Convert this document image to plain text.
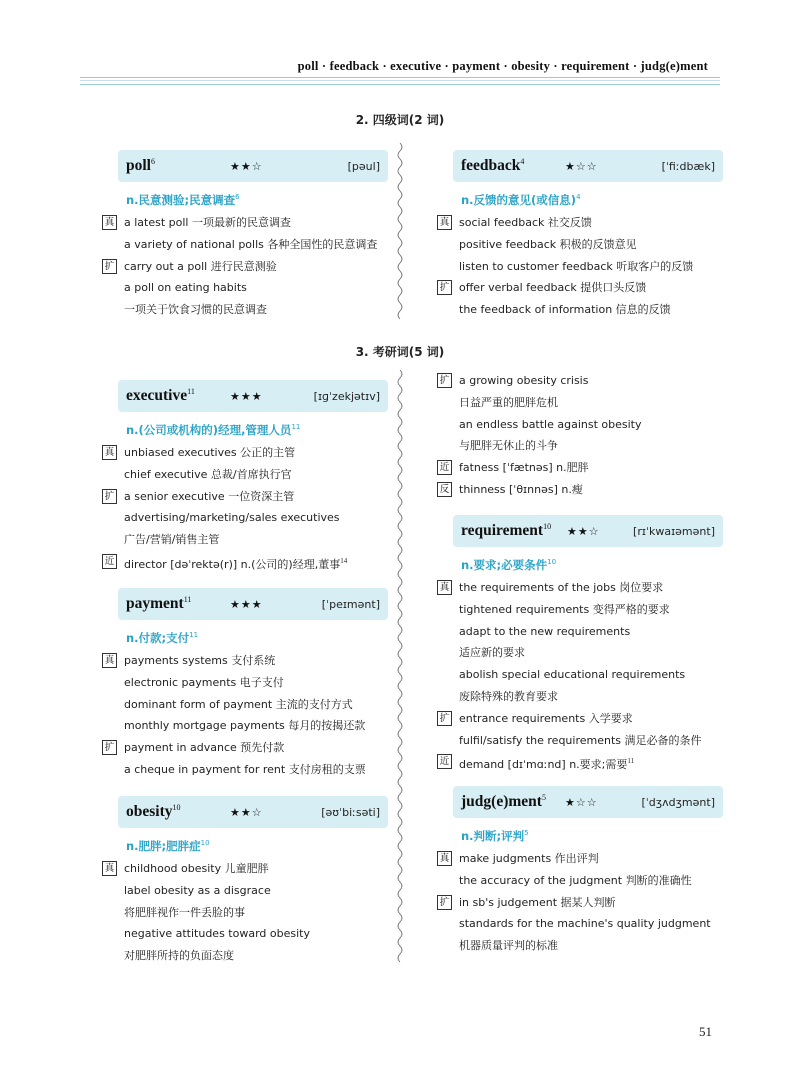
poll · feedback · executive · payment · obesity · requirement · judg(e)ment
2. 四级词(2 词)
3. 考研词(5 词)
poll$^6$	★★☆	[pəul]
n.民意测验;民意调查$^6$
真 a latest poll 一项最新的民意调查
a variety of national polls 各种全国性的民意调查
扩 carry out a poll 进行民意测验
a poll on eating habits
一项关于饮食习惯的民意调查
feedback$^4$	★☆☆	[ˈfiːdbæk]
n.反馈的意见(或信息)$^4$
真 social feedback 社交反馈
positive feedback 积极的反馈意见
listen to customer feedback 听取客户的反馈
扩 offer verbal feedback 提供口头反馈
the feedback of information 信息的反馈
executive$^{11}$	★★★	[ɪɡˈzekjətɪv]
n.(公司或机构的)经理,管理人员$^{11}$
真 unbiased executives 公正的主管
chief executive 总裁/首席执行官
扩 a senior executive 一位资深主管
advertising/marketing/sales executives
广告/营销/销售主管
近 director [dəˈrektə(r)] n.(公司的)经理,董事$^{14}$
payment$^{11}$	★★★	[ˈpeɪmənt]
n.付款;支付$^{11}$
真 payments systems 支付系统
electronic payments 电子支付
dominant form of payment 主流的支付方式
monthly mortgage payments 每月的按揭还款
扩 payment in advance 预先付款
a cheque in payment for rent 支付房租的支票
obesity$^{10}$	★★☆	[əʊˈbiːsəti]
n.肥胖;肥胖症$^{10}$
真 childhood obesity 儿童肥胖
label obesity as a disgrace
将肥胖视作一件丢脸的事
negative attitudes toward obesity
对肥胖所持的负面态度
扩 a growing obesity crisis
日益严重的肥胖危机
an endless battle against obesity
与肥胖无休止的斗争
近 fatness [ˈfætnəs] n.肥胖
反 thinness [ˈθɪnnəs] n.瘦
requirement$^{10}$ ★★☆	[rɪˈkwaɪəmənt]
n.要求;必要条件$^{10}$
真 the requirements of the jobs 岗位要求
tightened requirements 变得严格的要求
adapt to the new requirements
适应新的要求
abolish special educational requirements
废除特殊的教育要求
扩 entrance requirements 入学要求
fulfil/satisfy the requirements 满足必备的条件
近 demand [dɪˈmɑːnd] n.要求;需要$^{11}$
judg(e)ment$^5$ ★☆☆	[ˈdʒʌdʒmənt]
n.判断;评判$^5$
真 make judgments 作出评判
the accuracy of the judgment 判断的准确性
扩 in sb's judgement 据某人判断
standards for the machine's quality judgment
机器质量评判的标准
51
